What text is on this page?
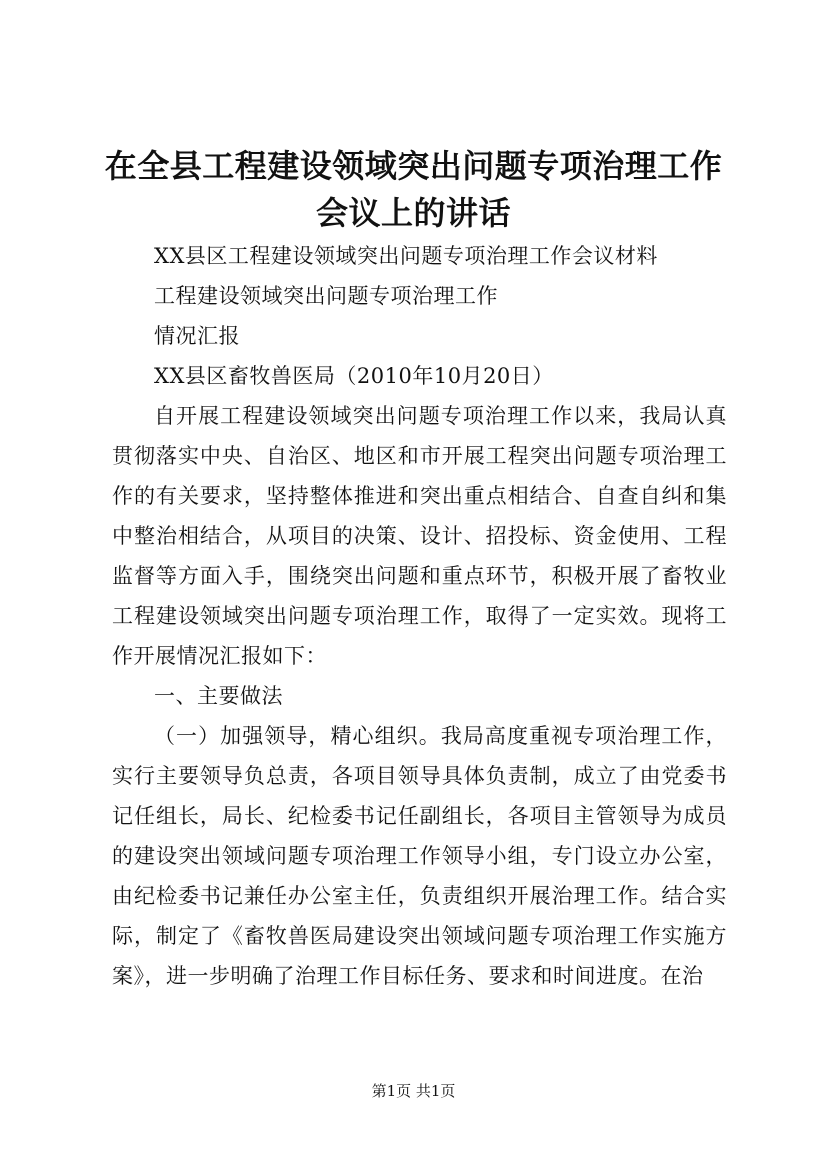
在全县工程建设领域突出问题专项治理工作会议上的讲话

XX县区工程建设领域突出问题专项治理工作会议材料

工程建设领域突出问题专项治理工作

情况汇报

XX县区畜牧兽医局（2010年10月20日）

自开展工程建设领域突出问题专项治理工作以来，我局认真贯彻落实中央、自治区、地区和市开展工程突出问题专项治理工作的有关要求，坚持整体推进和突出重点相结合、自查自纠和集中整治相结合，从项目的决策、设计、招投标、资金使用、工程监督等方面入手，围绕突出问题和重点环节，积极开展了畜牧业工程建设领域突出问题专项治理工作，取得了一定实效。现将工作开展情况汇报如下：

一、主要做法

（一）加强领导，精心组织。我局高度重视专项治理工作，实行主要领导负总责，各项目领导具体负责制，成立了由党委书记任组长，局长、纪检委书记任副组长，各项目主管领导为成员的建设突出领域问题专项治理工作领导小组，专门设立办公室，由纪检委书记兼任办公室主任，负责组织开展治理工作。结合实际，制定了《畜牧兽医局建设突出领域问题专项治理工作实施方案》，进一步明确了治理工作目标任务、要求和时间进度。在治

第1页 共1页
